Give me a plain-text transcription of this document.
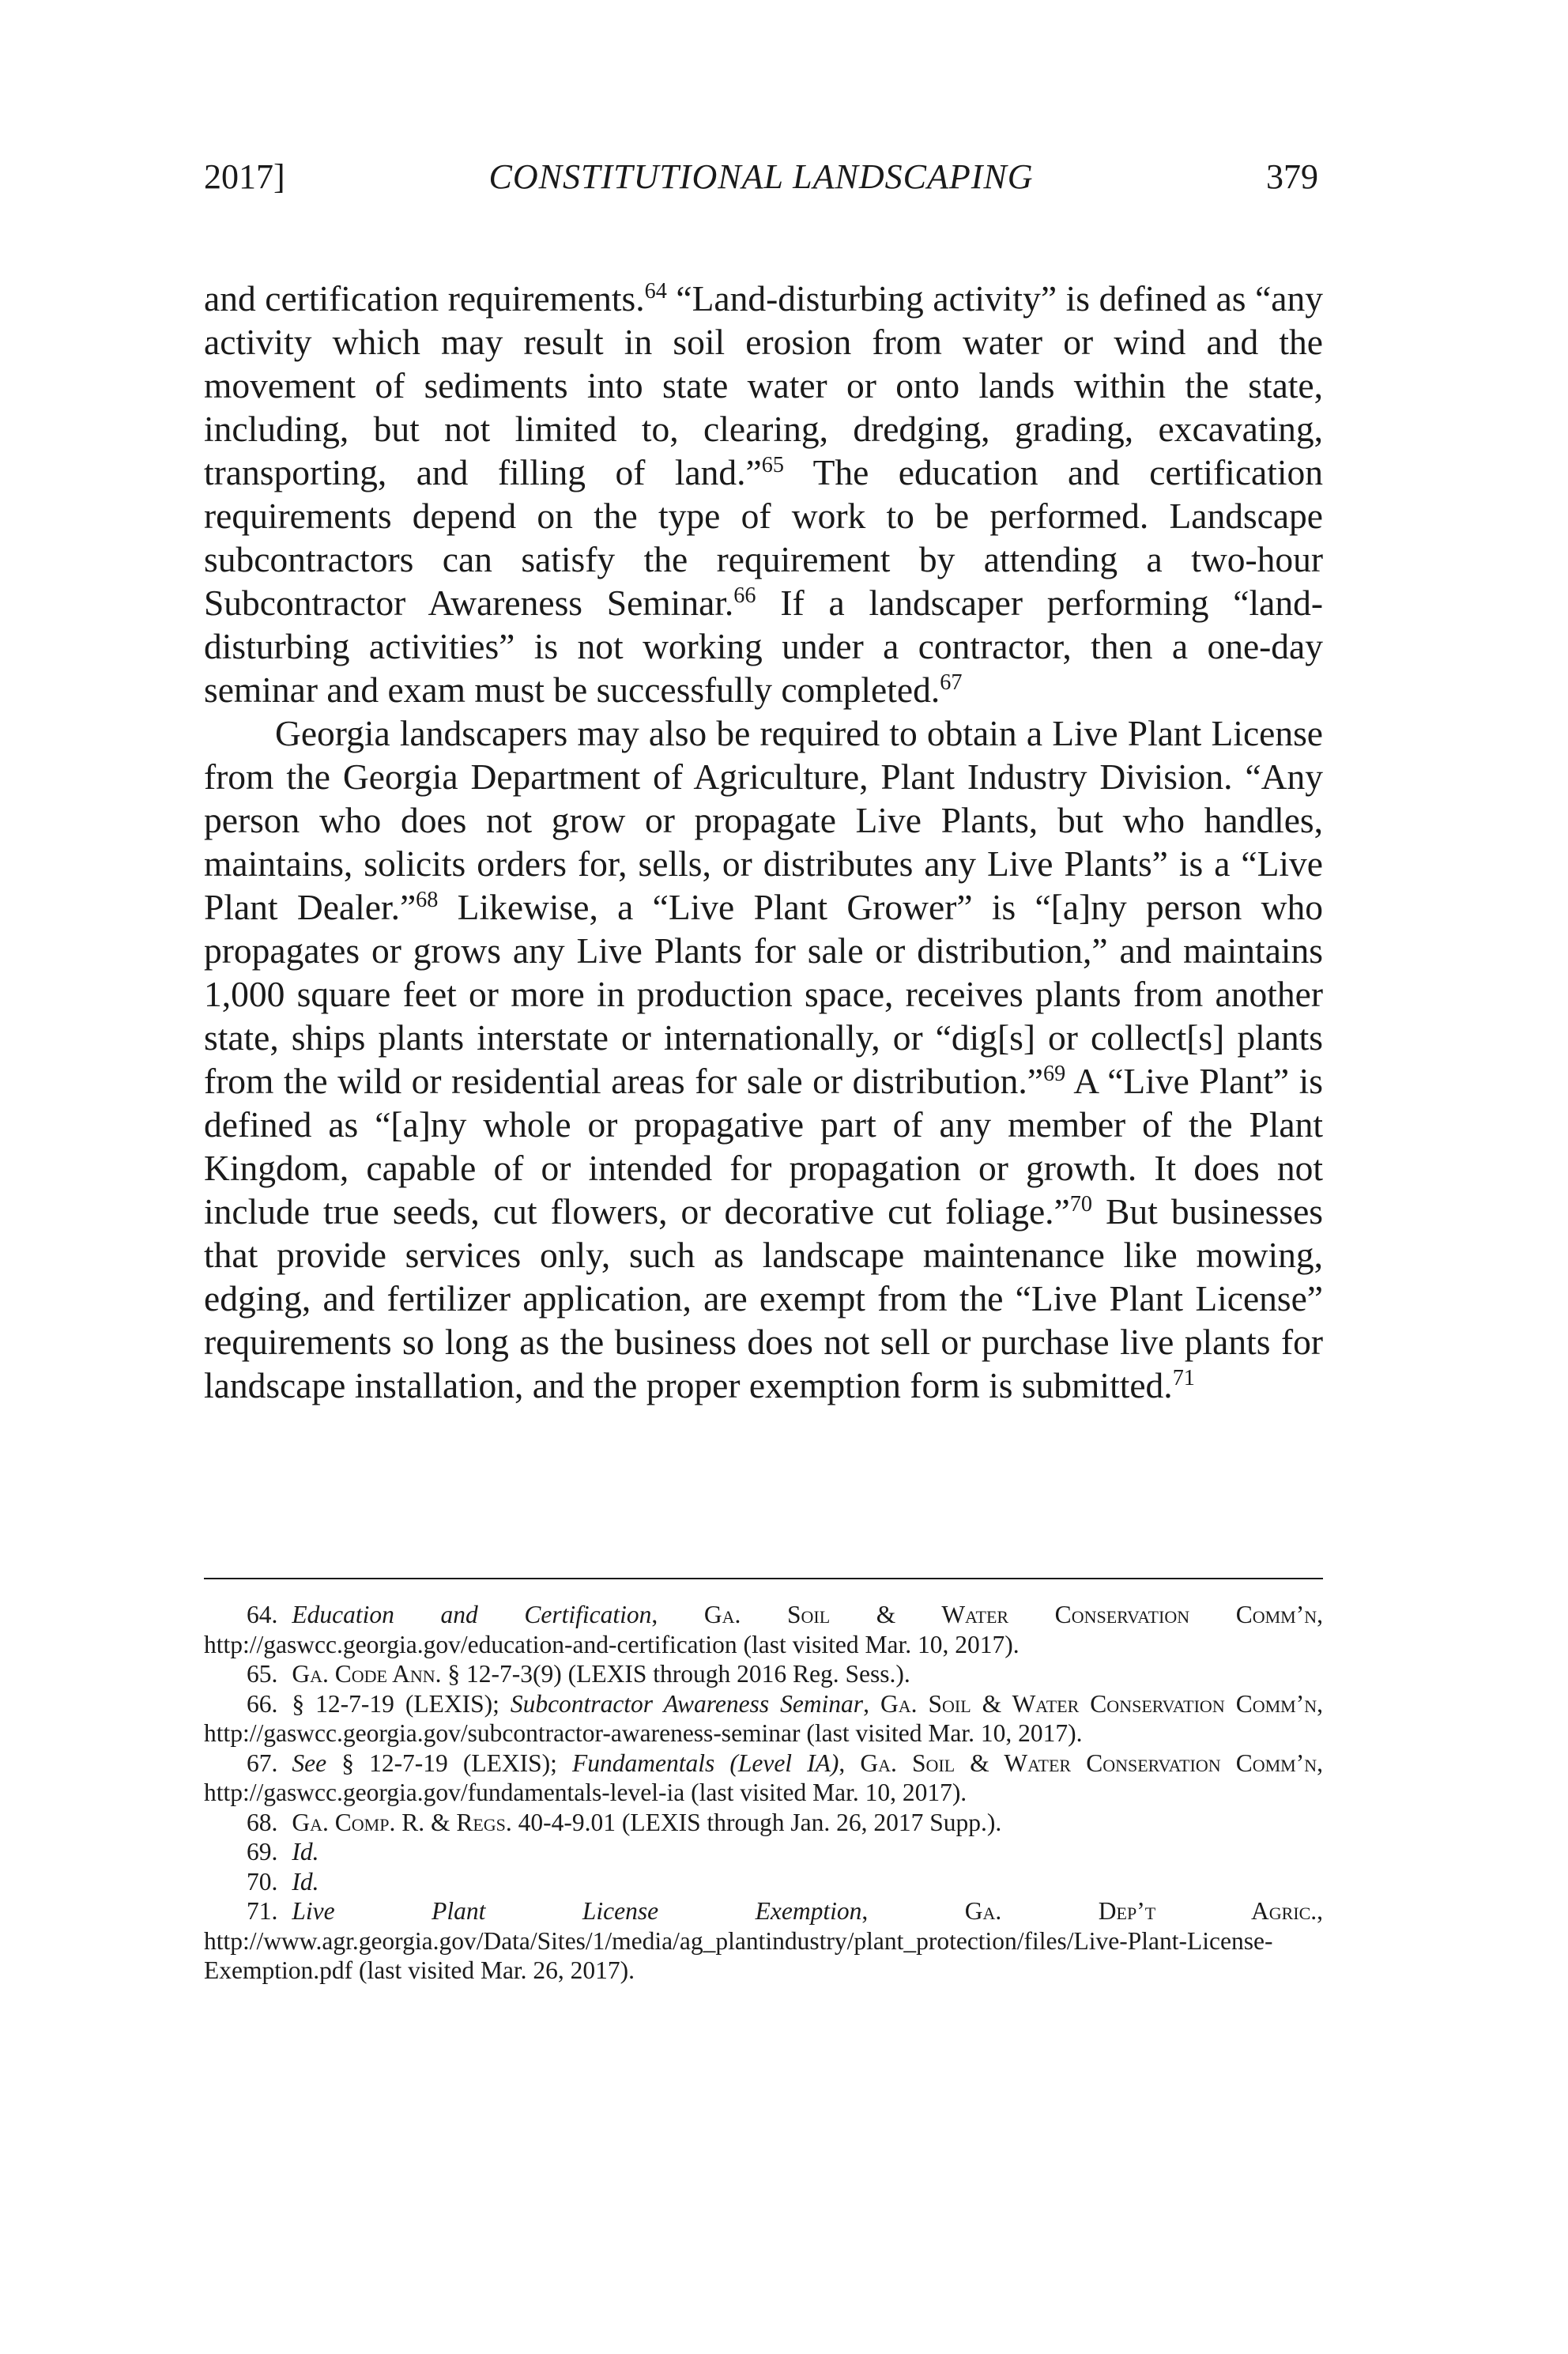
2017]	CONSTITUTIONAL LANDSCAPING	379

and certification requirements.$^{64}$ “Land-disturbing activity” is defined as “any activity which may result in soil erosion from water or wind and the movement of sediments into state water or onto lands within the state, including, but not limited to, clearing, dredging, grading, excavating, transporting, and filling of land.”$^{65}$ The education and certification requirements depend on the type of work to be performed. Landscape subcontractors can satisfy the requirement by attending a two-hour Subcontractor Awareness Seminar.$^{66}$ If a landscaper performing “land-disturbing activities” is not working under a contractor, then a one-day seminar and exam must be successfully completed.$^{67}$

Georgia landscapers may also be required to obtain a Live Plant License from the Georgia Department of Agriculture, Plant Industry Division. “Any person who does not grow or propagate Live Plants, but who handles, maintains, solicits orders for, sells, or distributes any Live Plants” is a “Live Plant Dealer.”$^{68}$ Likewise, a “Live Plant Grower” is “[a]ny person who propagates or grows any Live Plants for sale or distribution,” and maintains 1,000 square feet or more in production space, receives plants from another state, ships plants interstate or internationally, or “dig[s] or collect[s] plants from the wild or residential areas for sale or distribution.”$^{69}$ A “Live Plant” is defined as “[a]ny whole or propagative part of any member of the Plant Kingdom, capable of or intended for propagation or growth. It does not include true seeds, cut flowers, or decorative cut foliage.”$^{70}$ But businesses that provide services only, such as landscape maintenance like mowing, edging, and fertilizer application, are exempt from the “Live Plant License” requirements so long as the business does not sell or purchase live plants for landscape installation, and the proper exemption form is submitted.$^{71}$

64. Education and Certification, Ga. Soil & Water Conservation Comm’n, http://gaswcc.georgia.gov/education-and-certification (last visited Mar. 10, 2017).

65. Ga. Code Ann. § 12-7-3(9) (LEXIS through 2016 Reg. Sess.).

66. § 12-7-19 (LEXIS); Subcontractor Awareness Seminar, Ga. Soil & Water Conservation Comm’n, http://gaswcc.georgia.gov/subcontractor-awareness-seminar (last visited Mar. 10, 2017).

67. See § 12-7-19 (LEXIS); Fundamentals (Level IA), Ga. Soil & Water Conservation Comm’n, http://gaswcc.georgia.gov/fundamentals-level-ia (last visited Mar. 10, 2017).

68. Ga. Comp. R. & Regs. 40-4-9.01 (LEXIS through Jan. 26, 2017 Supp.).

69. Id.

70. Id.

71. Live Plant License Exemption, Ga. Dep’t Agric., http://www.agr.georgia.gov/Data/Sites/1/media/ag_plantindustry/plant_protection/files/Live-Plant-License-Exemption.pdf (last visited Mar. 26, 2017).
